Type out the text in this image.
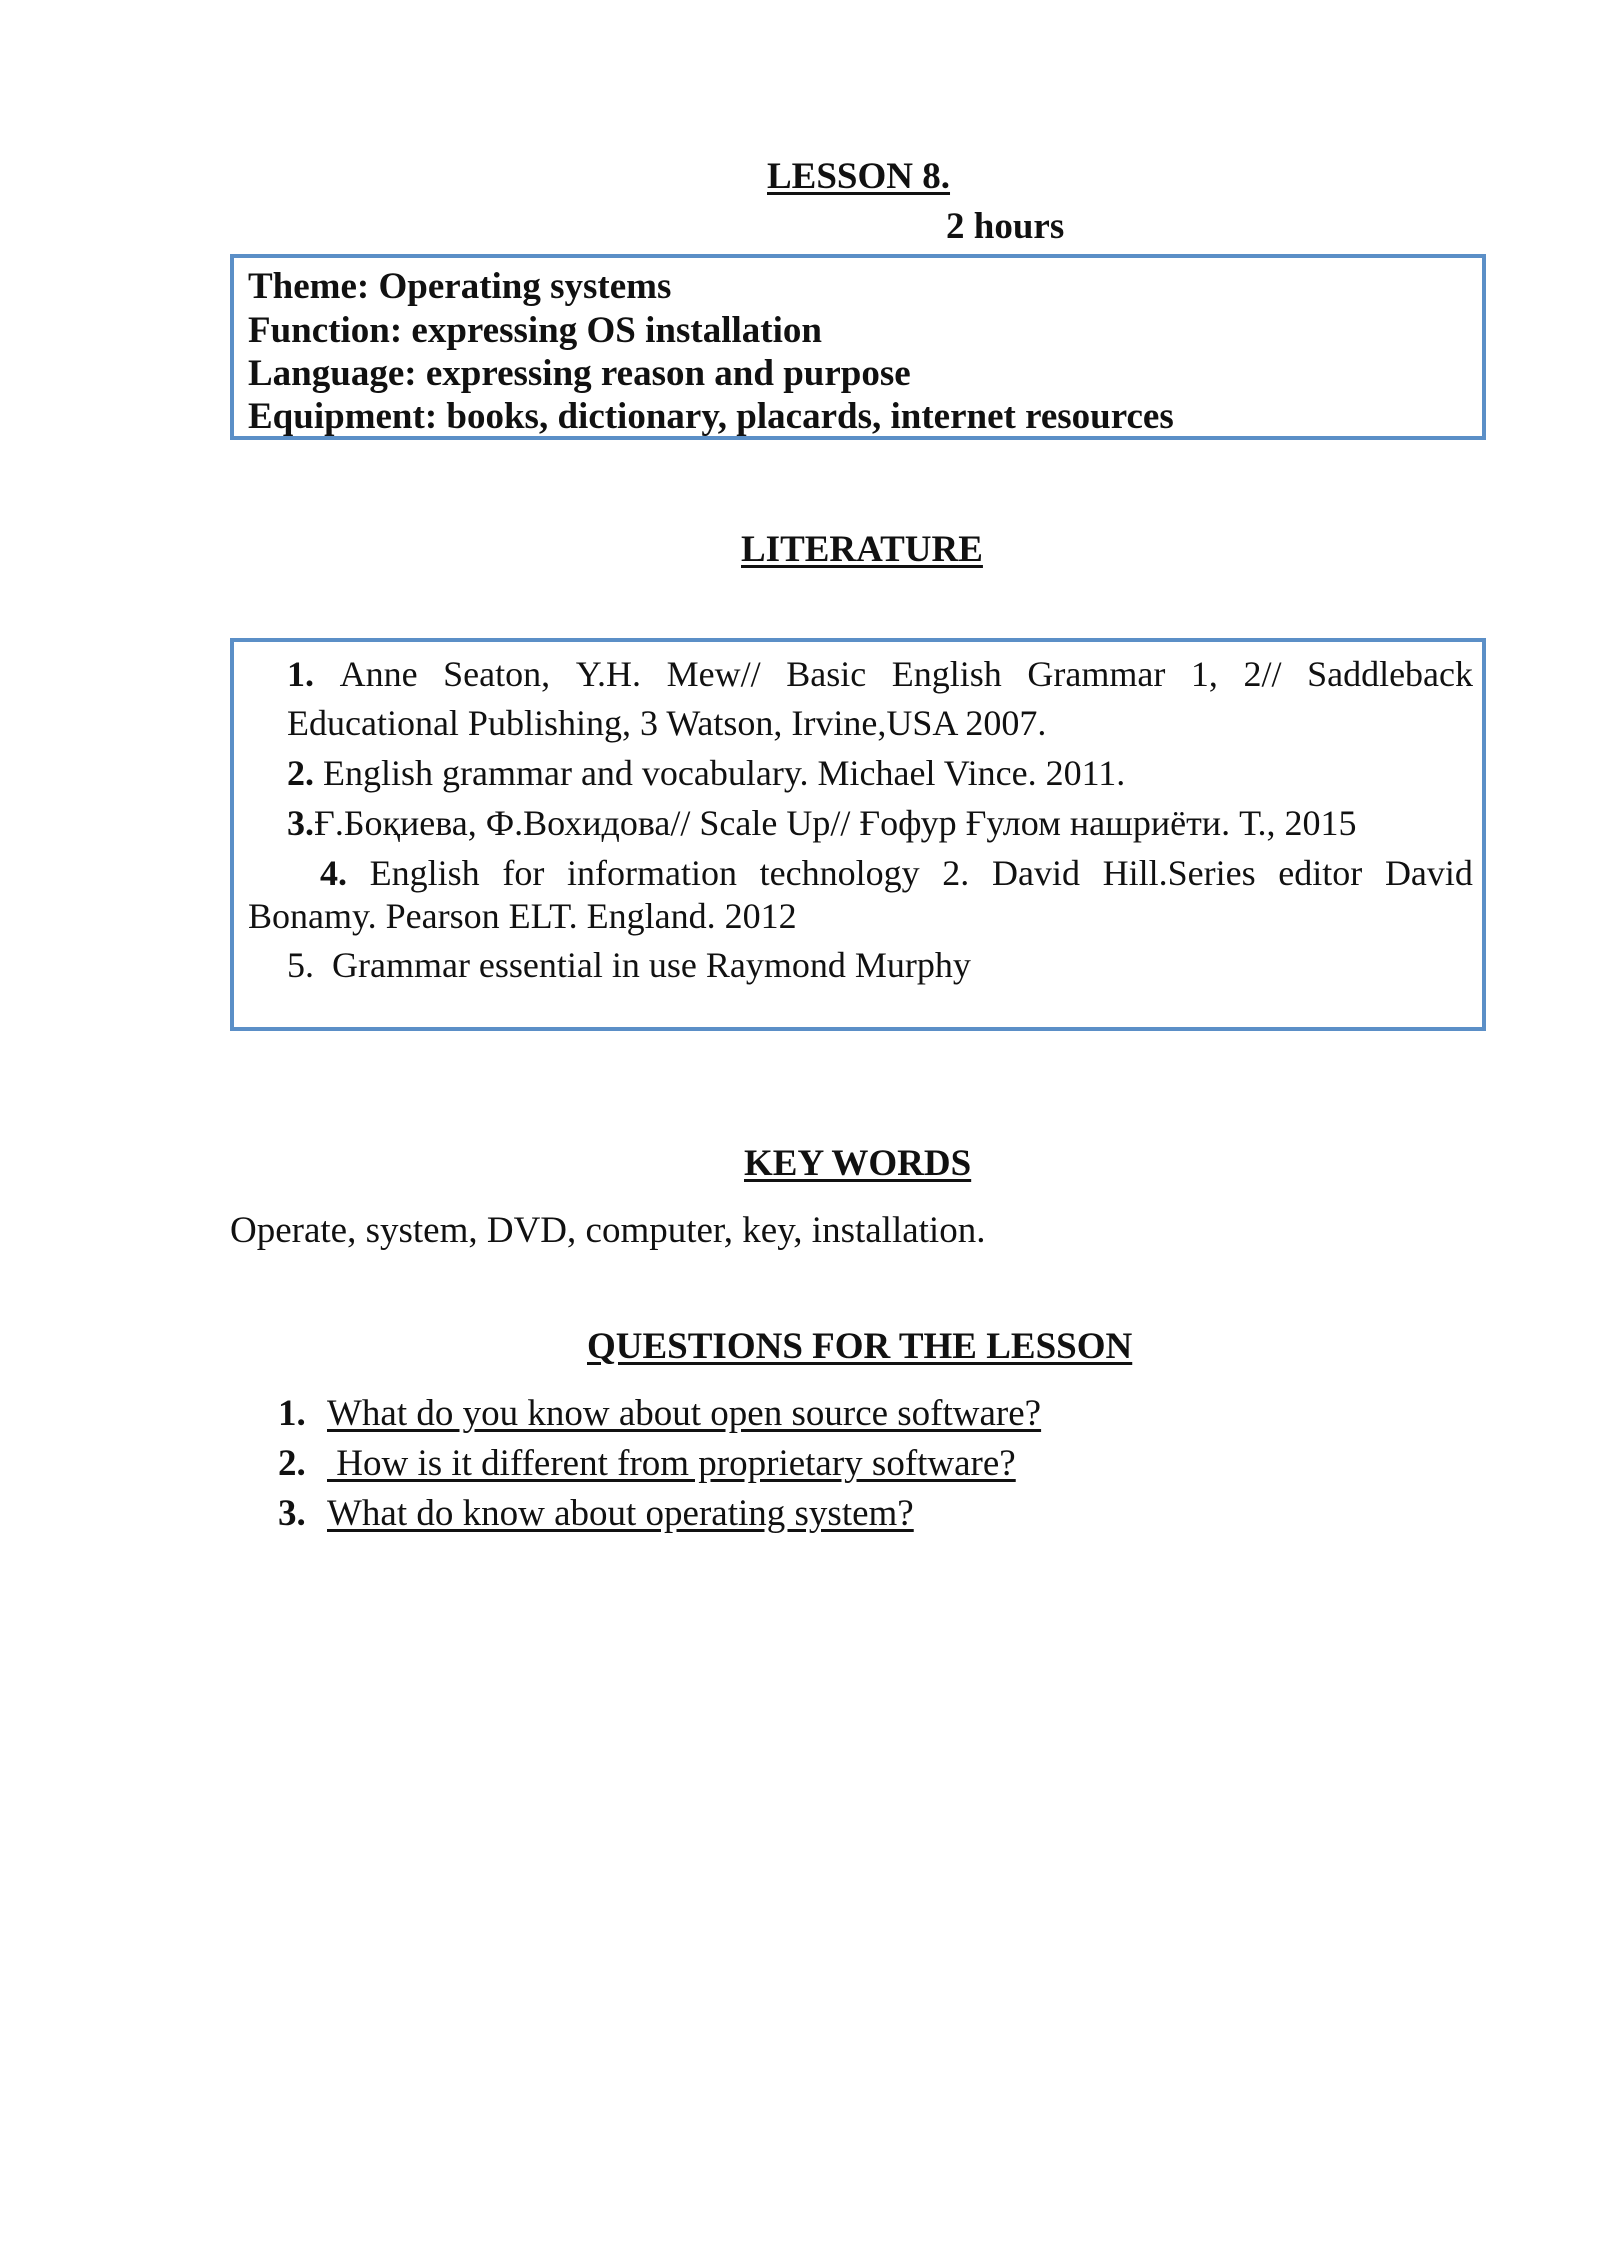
LESSON 8.
2 hours
Theme: Operating systems
Function: expressing OS installation
Language: expressing reason and purpose
Equipment: books, dictionary, placards, internet resources
LITERATURE
1. Anne Seaton, Y.H. Mew// Basic English Grammar 1, 2// Saddleback
Educational Publishing, 3 Watson, Irvine,USA 2007.
2. English grammar and vocabulary. Michael Vince. 2011.
3.Ғ.Боқиева, Ф.Вохидова// Scale Up// Ғофур Ғулом нашриёти. Т., 2015
4. English for information technology 2. David Hill.Series editor David
Bonamy. Pearson ELT. England. 2012
5.  Grammar essential in use Raymond Murphy
KEY WORDS
Operate, system, DVD, computer, key, installation.
QUESTIONS FOR THE LESSON
1. What do you know about open source software?
2. How is it different from proprietary software?
3. What do know about operating system?
